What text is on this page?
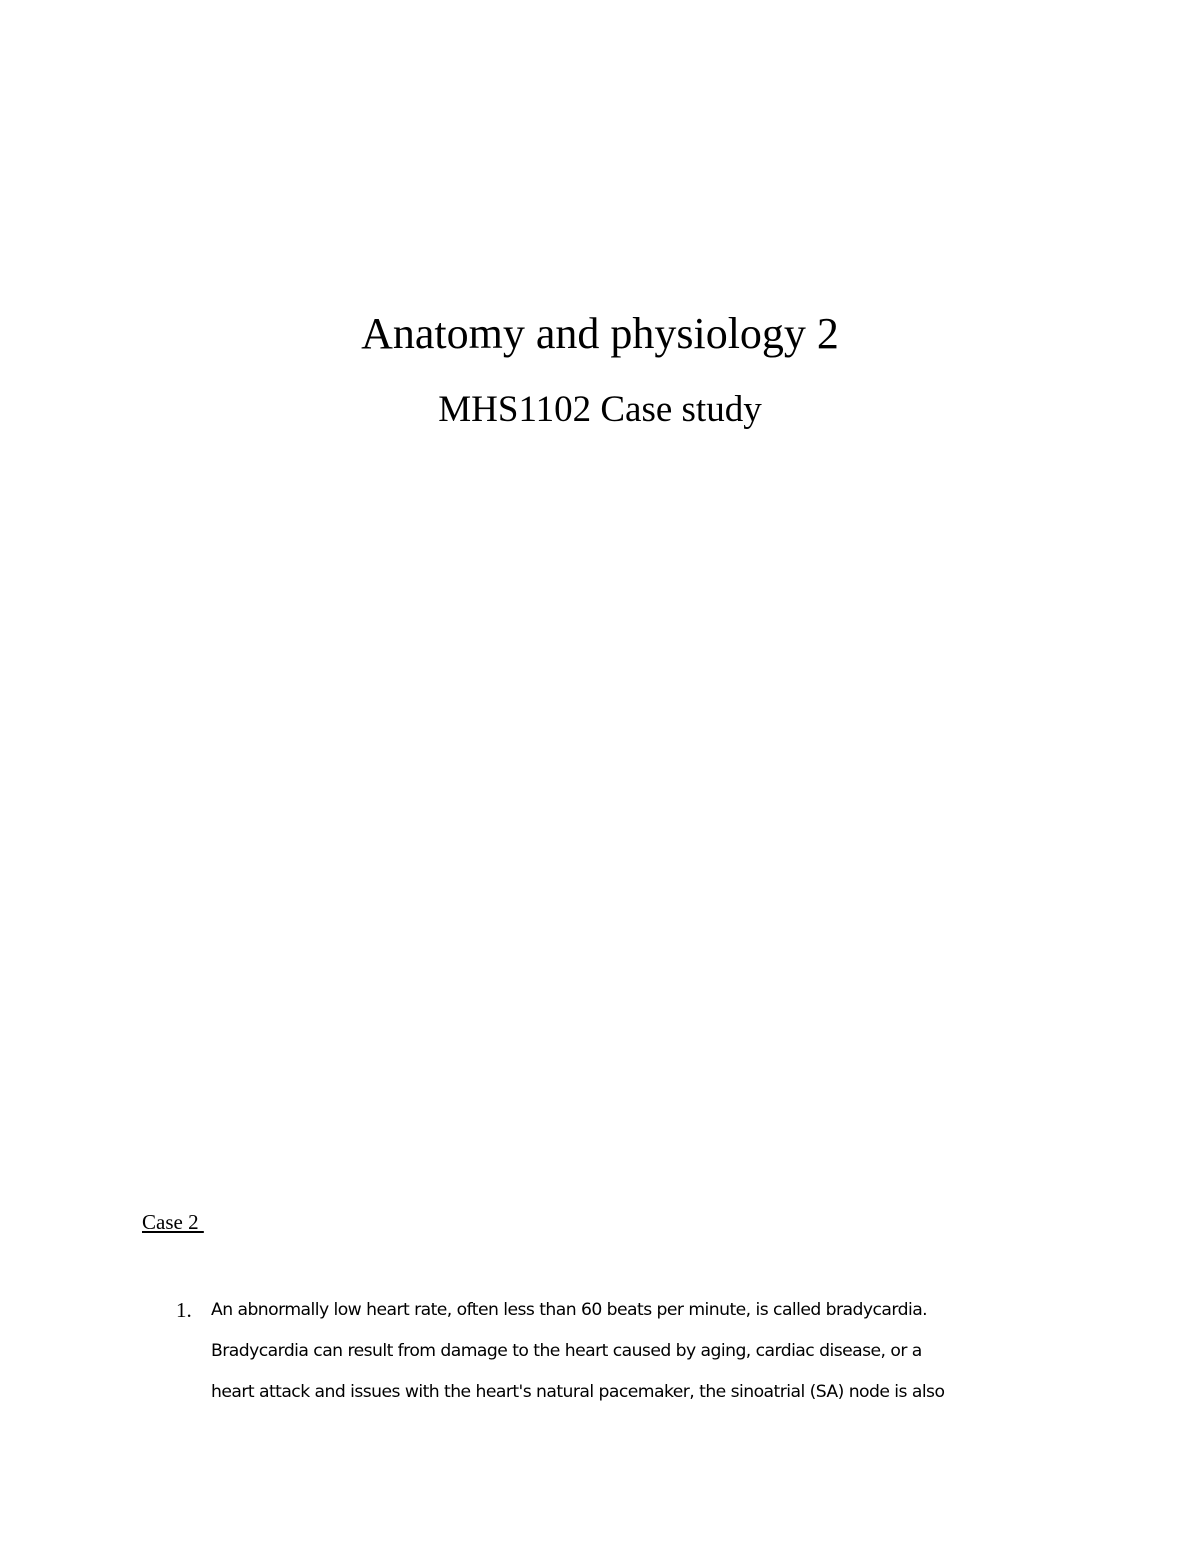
Anatomy and physiology 2
MHS1102 Case study
Case 2
1. An abnormally low heart rate, often less than 60 beats per minute, is called bradycardia.
Bradycardia can result from damage to the heart caused by aging, cardiac disease, or a
heart attack and issues with the heart's natural pacemaker, the sinoatrial (SA) node is also
